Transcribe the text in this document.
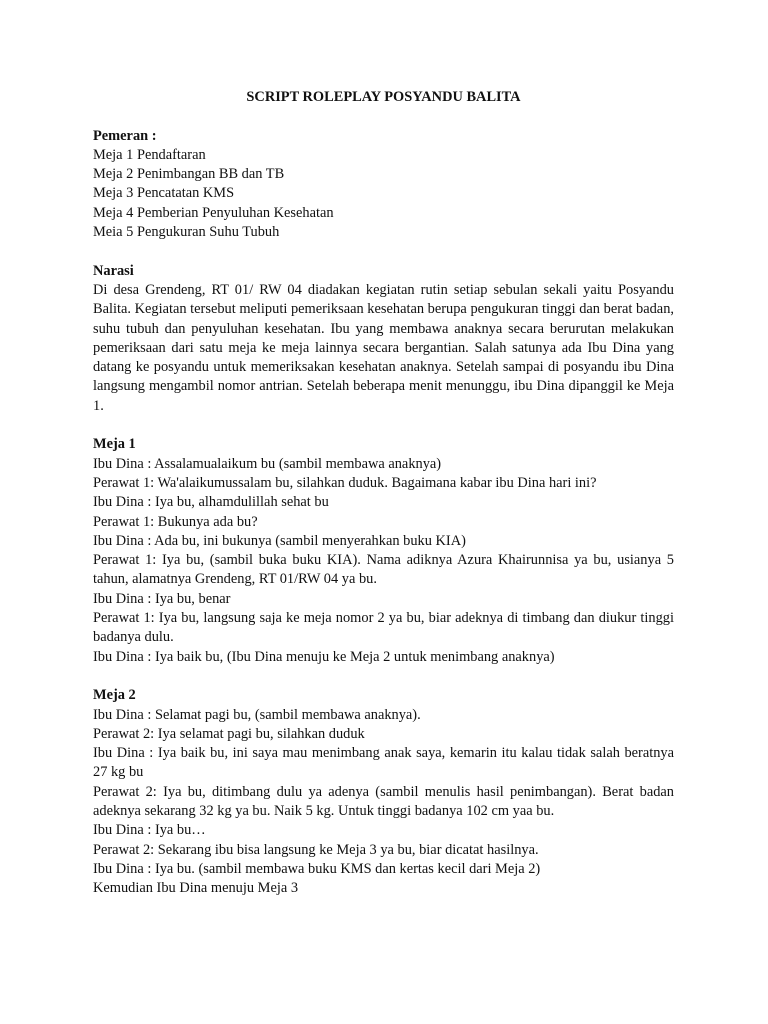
SCRIPT ROLEPLAY POSYANDU BALITA
Pemeran :
Meja 1 Pendaftaran
Meja 2 Penimbangan BB dan TB
Meja 3 Pencatatan KMS
Meja 4 Pemberian Penyuluhan Kesehatan
Meia 5 Pengukuran Suhu Tubuh
Narasi
Di desa Grendeng, RT 01/ RW 04 diadakan kegiatan rutin setiap sebulan sekali yaitu Posyandu Balita. Kegiatan tersebut meliputi pemeriksaan kesehatan berupa pengukuran tinggi dan berat badan, suhu tubuh dan penyuluhan kesehatan. Ibu yang membawa anaknya secara berurutan melakukan pemeriksaan dari satu meja ke meja lainnya secara bergantian. Salah satunya ada Ibu Dina yang datang ke posyandu untuk memeriksakan kesehatan anaknya. Setelah sampai di posyandu ibu Dina langsung mengambil nomor antrian. Setelah beberapa menit menunggu, ibu Dina dipanggil ke Meja 1.
Meja 1
Ibu Dina : Assalamualaikum bu (sambil membawa anaknya)
Perawat 1: Wa'alaikumussalam bu, silahkan duduk. Bagaimana kabar ibu Dina hari ini?
Ibu Dina : Iya bu, alhamdulillah sehat bu
Perawat 1: Bukunya ada bu?
Ibu Dina : Ada bu, ini bukunya (sambil menyerahkan buku KIA)
Perawat 1: Iya bu, (sambil buka buku KIA). Nama adiknya Azura Khairunnisa ya bu, usianya 5 tahun, alamatnya Grendeng, RT 01/RW 04 ya bu.
Ibu Dina : Iya bu, benar
Perawat 1: Iya bu, langsung saja ke meja nomor 2 ya bu, biar adeknya di timbang dan diukur tinggi badanya dulu.
Ibu Dina : Iya baik bu, (Ibu Dina menuju ke Meja 2 untuk menimbang anaknya)
Meja 2
Ibu Dina : Selamat pagi bu, (sambil membawa anaknya).
Perawat 2: Iya selamat pagi bu, silahkan duduk
Ibu Dina : Iya baik bu, ini saya mau menimbang anak saya, kemarin itu kalau tidak salah beratnya 27 kg bu
Perawat 2: Iya bu, ditimbang dulu ya adenya (sambil menulis hasil penimbangan). Berat badan adeknya sekarang 32 kg ya bu. Naik 5 kg. Untuk tinggi badanya 102 cm yaa bu.
Ibu Dina : Iya bu…
Perawat 2: Sekarang ibu bisa langsung ke Meja 3 ya bu, biar dicatat hasilnya.
Ibu Dina : Iya bu. (sambil membawa buku KMS dan kertas kecil dari Meja 2)
Kemudian Ibu Dina menuju Meja 3
